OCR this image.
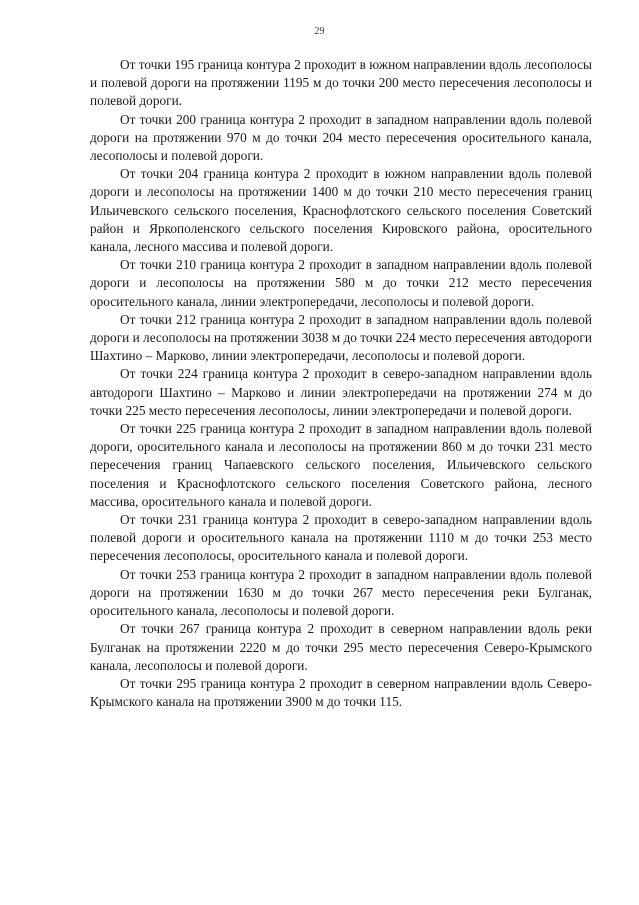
29

От точки 195 граница контура 2 проходит в южном направлении вдоль лесополосы и полевой дороги на протяжении 1195 м до точки 200 место пересечения лесополосы и полевой дороги.

От точки 200 граница контура 2 проходит в западном направлении вдоль полевой дороги на протяжении 970 м до точки 204 место пересечения оросительного канала, лесополосы и полевой дороги.

От точки 204 граница контура 2 проходит в южном направлении вдоль полевой дороги и лесополосы на протяжении 1400 м до точки 210 место пересечения границ Ильичевского сельского поселения, Краснофлотского сельского поселения Советский район и Яркополенского сельского поселения Кировского района, оросительного канала, лесного массива и полевой дороги.

От точки 210 граница контура 2 проходит в западном направлении вдоль полевой дороги и лесополосы на протяжении 580 м до точки 212 место пересечения оросительного канала, линии электропередачи, лесополосы и полевой дороги.

От точки 212 граница контура 2 проходит в западном направлении вдоль полевой дороги и лесополосы на протяжении 3038 м до точки 224 место пересечения автодороги Шахтино – Марково, линии электропередачи, лесополосы и полевой дороги.

От точки 224 граница контура 2 проходит в северо-западном направлении вдоль автодороги Шахтино – Марково и линии электропередачи на протяжении 274 м до точки 225 место пересечения лесополосы, линии электропередачи и полевой дороги.

От точки 225 граница контура 2 проходит в западном направлении вдоль полевой дороги, оросительного канала и лесополосы на протяжении 860 м до точки 231 место пересечения границ Чапаевского сельского поселения, Ильичевского сельского поселения и Краснофлотского сельского поселения Советского района, лесного массива, оросительного канала и полевой дороги.

От точки 231 граница контура 2 проходит в северо-западном направлении вдоль полевой дороги и оросительного канала на протяжении 1110 м до точки 253 место пересечения лесополосы, оросительного канала и полевой дороги.

От точки 253 граница контура 2 проходит в западном направлении вдоль полевой дороги на протяжении 1630 м до точки 267 место пересечения реки Булганак, оросительного канала, лесополосы и полевой дороги.

От точки 267 граница контура 2 проходит в северном направлении вдоль реки Булганак на протяжении 2220 м до точки 295 место пересечения Северо-Крымского канала, лесополосы и полевой дороги.

От точки 295 граница контура 2 проходит в северном направлении вдоль Северо-Крымского канала на протяжении 3900 м до точки 115.
